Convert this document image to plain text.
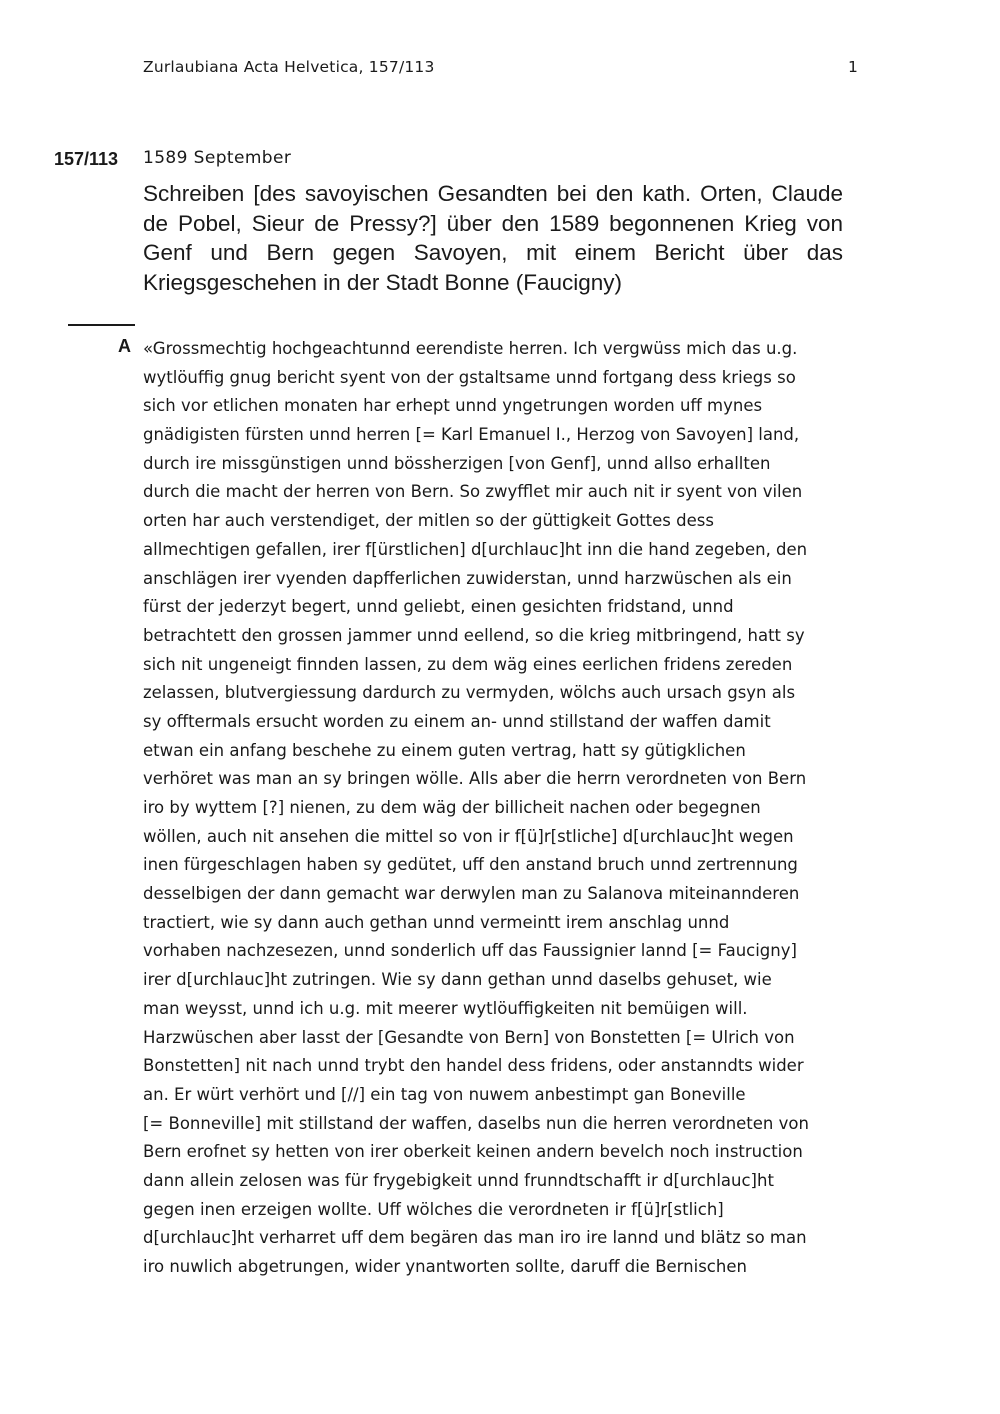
Zurlaubiana Acta Helvetica, 157/113	1
157/113 1589 September
Schreiben [des savoyischen Gesandten bei den kath. Orten, Claude de Pobel, Sieur de Pressy?] über den 1589 begonnenen Krieg von Genf und Bern gegen Savoyen, mit einem Bericht über das Kriegsgeschehen in der Stadt Bonne (Faucigny)
A «Grossmechtig hochgeachtunnd eerendiste herren. Ich vergwüss mich das u.g.
wytlöuffig gnug bericht syent von der gstaltsame unnd fortgang dess kriegs so
sich vor etlichen monaten har erhept unnd yngetrungen worden uff mynes
gnädigisten fürsten unnd herren [= Karl Emanuel I., Herzog von Savoyen] land,
durch ire missgünstigen unnd bössherzigen [von Genf], unnd allso erhallten
durch die macht der herren von Bern. So zwyfflet mir auch nit ir syent von vilen
orten har auch verstendiget, der mitlen so der güttigkeit Gottes dess
allmechtigen gefallen, irer f[ürstlichen] d[urchlauc]ht inn die hand zegeben, den
anschlägen irer vyenden dapfferlichen zuwiderstan, unnd harzwüschen als ein
fürst der jederzyt begert, unnd geliebt, einen gesichten fridstand, unnd
betrachtett den grossen jammer unnd eellend, so die krieg mitbringend, hatt sy
sich nit ungeneigt finnden lassen, zu dem wäg eines eerlichen fridens zereden
zelassen, blutvergiessung dardurch zu vermyden, wölchs auch ursach gsyn als
sy offtermals ersucht worden zu einem an- unnd stillstand der waffen damit
etwan ein anfang beschehe zu einem guten vertrag, hatt sy gütigklichen
verhöret was man an sy bringen wölle. Alls aber die herrn verordneten von Bern
iro by wyttem [?] nienen, zu dem wäg der billicheit nachen oder begegnen
wöllen, auch nit ansehen die mittel so von ir f[ü]r[stliche] d[urchlauc]ht wegen
inen fürgeschlagen haben sy gedütet, uff den anstand bruch unnd zertrennung
desselbigen der dann gemacht war derwylen man zu Salanova miteinannderen
tractiert, wie sy dann auch gethan unnd vermeintt irem anschlag unnd
vorhaben nachzesezen, unnd sonderlich uff das Faussignier lannd [= Faucigny]
irer d[urchlauc]ht zutringen. Wie sy dann gethan unnd daselbs gehuset, wie
man weysst, unnd ich u.g. mit meerer wytlöuffigkeiten nit bemüigen will.
Harzwüschen aber lasst der [Gesandte von Bern] von Bonstetten [= Ulrich von
Bonstetten] nit nach unnd trybt den handel dess fridens, oder anstanndts wider
an. Er würt verhört und [//] ein tag von nuwem anbestimpt gan Boneville
[= Bonneville] mit stillstand der waffen, daselbs nun die herren verordneten von
Bern erofnet sy hetten von irer oberkeit keinen andern bevelch noch instruction
dann allein zelosen was für frygebigkeit unnd frunndtschafft ir d[urchlauc]ht
gegen inen erzeigen wollte. Uff wölches die verordneten ir f[ü]r[stlich]
d[urchlauc]ht verharret uff dem begären das man iro ire lannd und blätz so man
iro nuwlich abgetrungen, wider ynantworten sollte, daruff die Bernischen
